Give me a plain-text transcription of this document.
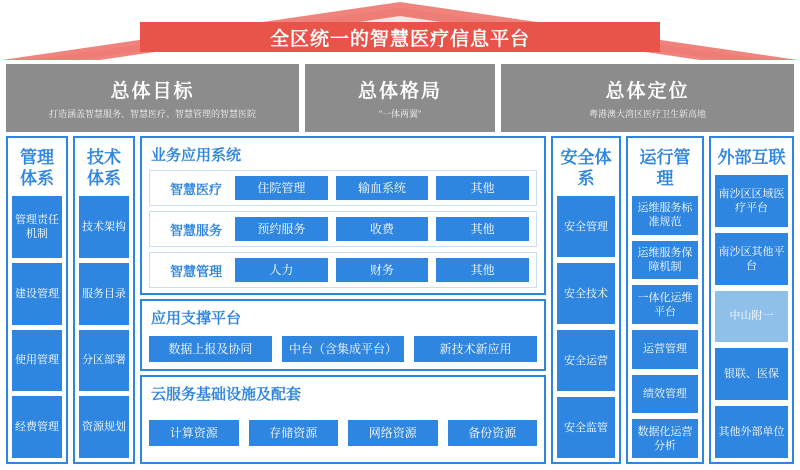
全区统一的智慧医疗信息平台
总体目标
打造涵盖智慧服务、智慧医疗、智慧管理的智慧医院
总体格局
“一体两翼”
总体定位
粤港澳大湾区医疗卫生新高地
管理体系
管理责任机制
建设管理
使用管理
经费管理
技术体系
技术架构
服务目录
分区部署
资源规划
业务应用系统
智慧医疗	住院管理	输血系统	其他
智慧服务	预约服务	收费	其他
智慧管理	人力	财务	其他
应用支撑平台
数据上报及协同	中台（含集成平台）	新技术新应用
云服务基础设施及配套
计算资源	存储资源	网络资源	备份资源
安全体系
安全管理
安全技术
安全运营
安全监管
运行管理
运维服务标准规范
运维服务保障机制
一体化运维平台
运营管理
绩效管理
数据化运营分析
外部互联
南沙区区域医疗平台
南沙区其他平台
中山附一
银联、医保
其他外部单位
